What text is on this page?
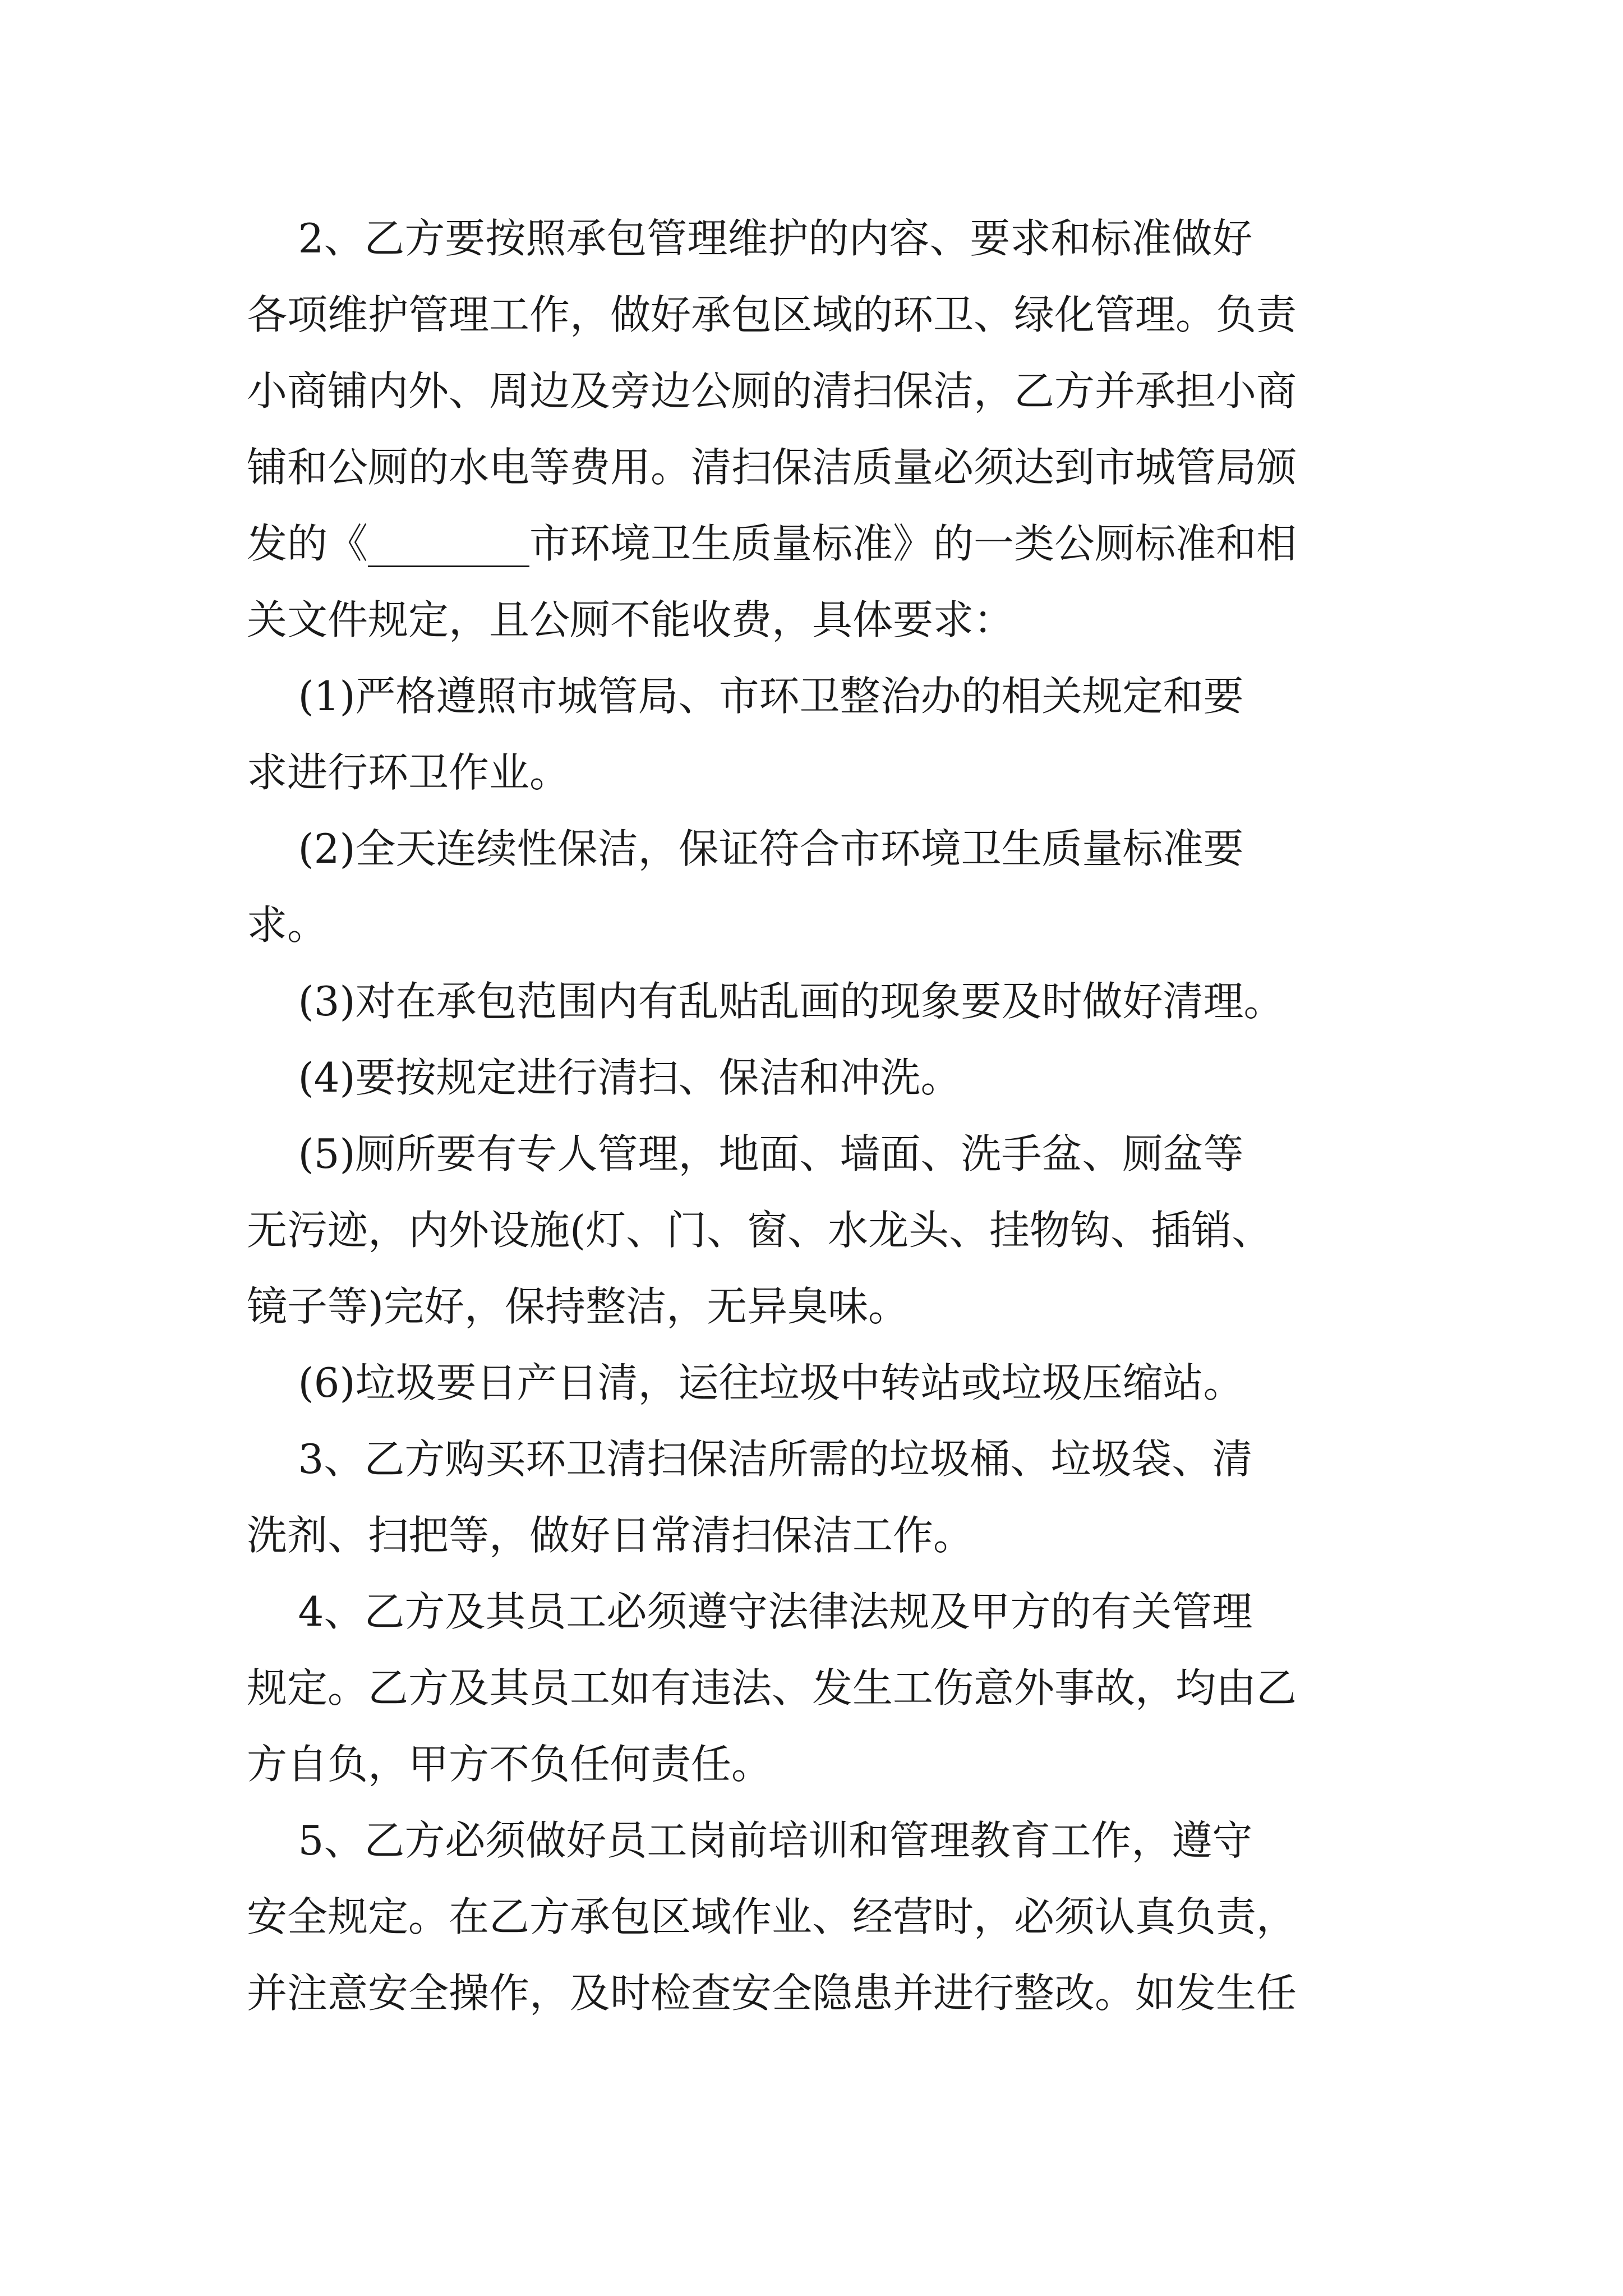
2、乙方要按照承包管理维护的内容、要求和标准做好
各项维护管理工作，做好承包区域的环卫、绿化管理。负责
小商铺内外、周边及旁边公厕的清扫保洁，乙方并承担小商
铺和公厕的水电等费用。清扫保洁质量必须达到市城管局颁
发的《________市环境卫生质量标准》的一类公厕标准和相
关文件规定，且公厕不能收费，具体要求：
(1)严格遵照市城管局、市环卫整治办的相关规定和要
求进行环卫作业。
(2)全天连续性保洁，保证符合市环境卫生质量标准要
求。
(3)对在承包范围内有乱贴乱画的现象要及时做好清理。
(4)要按规定进行清扫、保洁和冲洗。
(5)厕所要有专人管理，地面、墙面、洗手盆、厕盆等
无污迹，内外设施(灯、门、窗、水龙头、挂物钩、插销、
镜子等)完好，保持整洁，无异臭味。
(6)垃圾要日产日清，运往垃圾中转站或垃圾压缩站。
3、乙方购买环卫清扫保洁所需的垃圾桶、垃圾袋、清
洗剂、扫把等，做好日常清扫保洁工作。
4、乙方及其员工必须遵守法律法规及甲方的有关管理
规定。乙方及其员工如有违法、发生工伤意外事故，均由乙
方自负，甲方不负任何责任。
5、乙方必须做好员工岗前培训和管理教育工作，遵守
安全规定。在乙方承包区域作业、经营时，必须认真负责，
并注意安全操作，及时检查安全隐患并进行整改。如发生任
